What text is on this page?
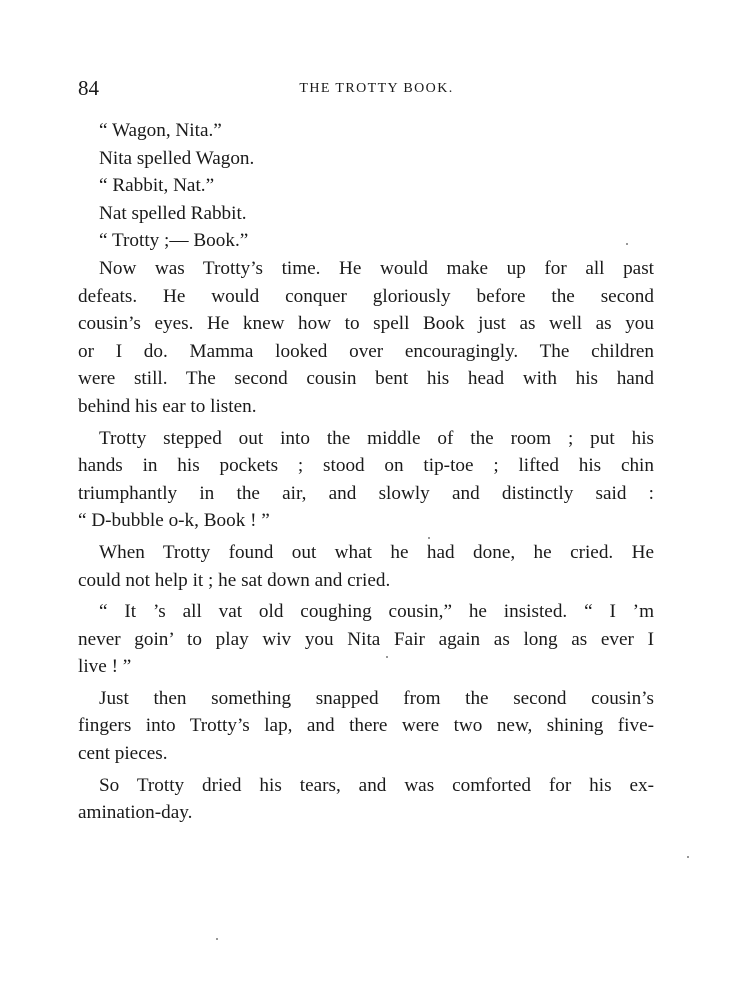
84	THE TROTTY BOOK.
“ Wagon, Nita.”
Nita spelled Wagon.
“ Rabbit, Nat.”
Nat spelled Rabbit.
“ Trotty ;— Book.”
Now was Trotty’s time. He would make up for all past
defeats. He would conquer gloriously before the second
cousin’s eyes. He knew how to spell Book just as well as you
or I do. Mamma looked over encouragingly. The children
were still. The second cousin bent his head with his hand
behind his ear to listen.
Trotty stepped out into the middle of the room ; put his
hands in his pockets ; stood on tip-toe ; lifted his chin
triumphantly in the air, and slowly and distinctly said :
“ D-bubble o-k, Book ! ”
When Trotty found out what he had done, he cried. He
could not help it ; he sat down and cried.
“ It ’s all vat old coughing cousin,” he insisted. “ I ’m
never goin’ to play wiv you Nita Fair again as long as ever I
live ! ”
Just then something snapped from the second cousin’s
fingers into Trotty’s lap, and there were two new, shining five-
cent pieces.
So Trotty dried his tears, and was comforted for his ex-
amination-day.
